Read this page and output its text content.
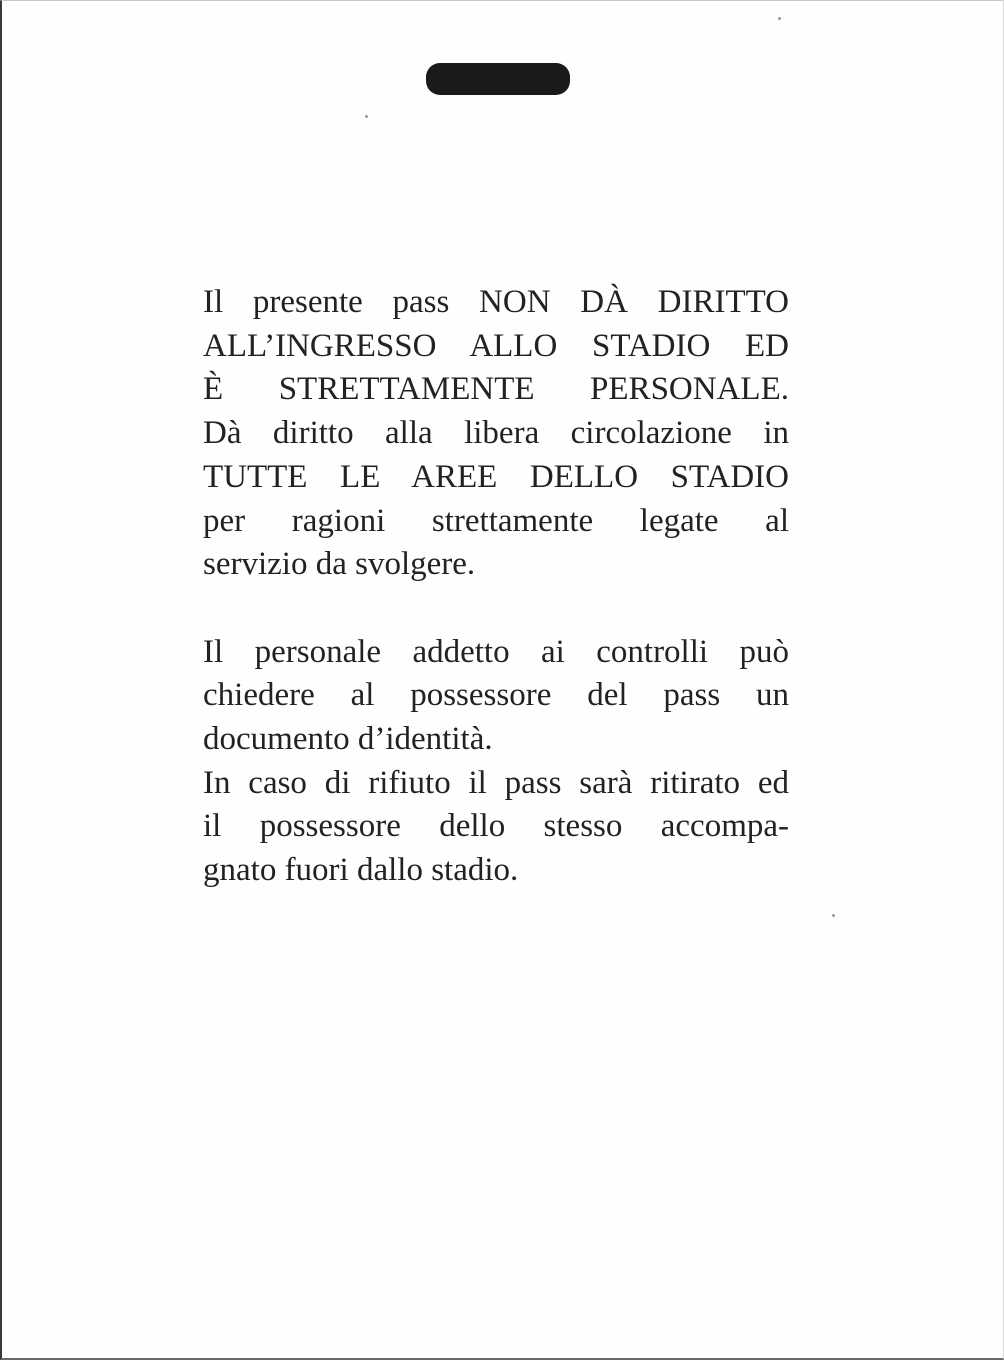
Il presente pass NON DÀ DIRITTO
ALL’INGRESSO ALLO STADIO ED
È STRETTAMENTE PERSONALE.
Dà diritto alla libera circolazione in
TUTTE LE AREE DELLO STADIO
per ragioni strettamente legate al
servizio da svolgere.
Il personale addetto ai controlli può
chiedere al possessore del pass un
documento d’identità.
In caso di rifiuto il pass sarà ritirato ed
il possessore dello stesso accompa-
gnato fuori dallo stadio.
